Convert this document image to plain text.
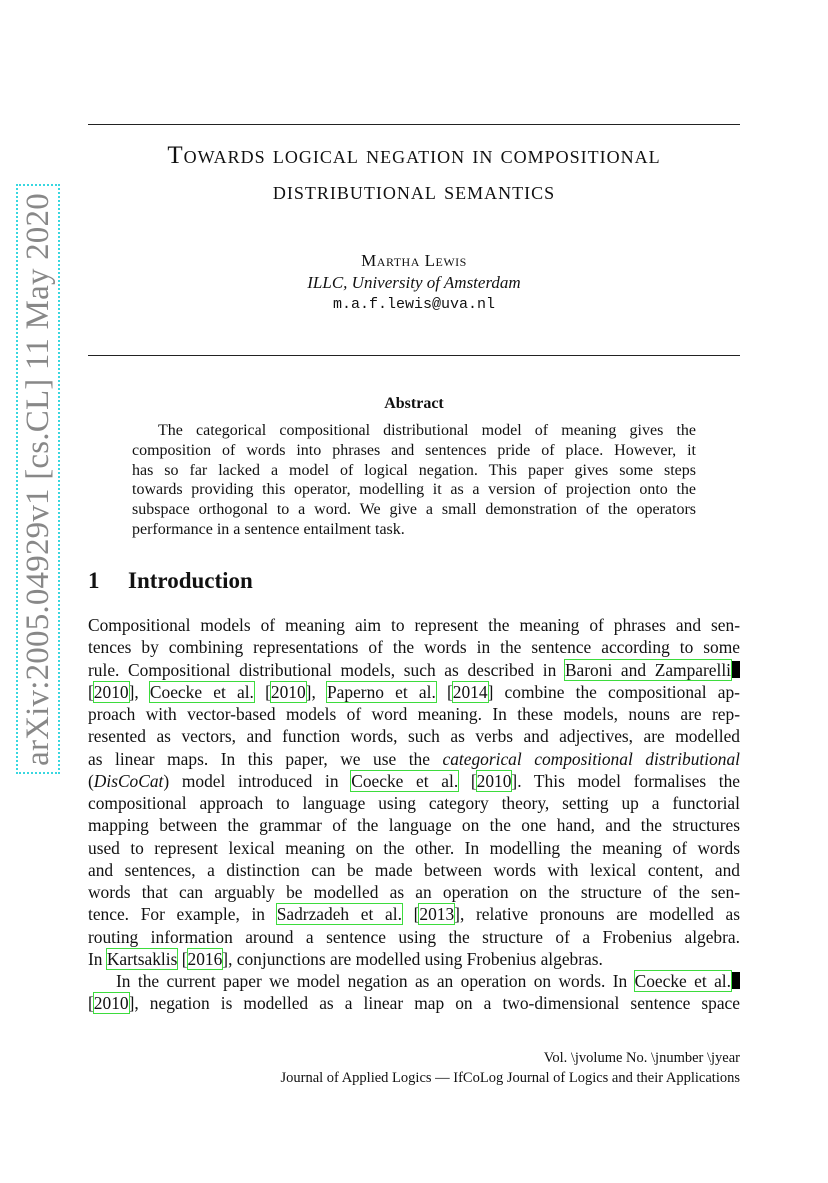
arXiv:2005.04929v1 [cs.CL] 11 May 2020
Towards logical negation in compositional
distributional semantics
Martha Lewis
ILLC, University of Amsterdam
m.a.f.lewis@uva.nl
Abstract
The categorical compositional distributional model of meaning gives the
composition of words into phrases and sentences pride of place. However, it
has so far lacked a model of logical negation. This paper gives some steps
towards providing this operator, modelling it as a version of projection onto the
subspace orthogonal to a word. We give a small demonstration of the operators
performance in a sentence entailment task.
1 Introduction
Compositional models of meaning aim to represent the meaning of phrases and sen-
tences by combining representations of the words in the sentence according to some
rule. Compositional distributional models, such as described in Baroni and Zamparelli
[2010], Coecke et al. [2010], Paperno et al. [2014] combine the compositional ap-
proach with vector-based models of word meaning. In these models, nouns are rep-
resented as vectors, and function words, such as verbs and adjectives, are modelled
as linear maps. In this paper, we use the categorical compositional distributional
(DisCoCat) model introduced in Coecke et al. [2010]. This model formalises the
compositional approach to language using category theory, setting up a functorial
mapping between the grammar of the language on the one hand, and the structures
used to represent lexical meaning on the other. In modelling the meaning of words
and sentences, a distinction can be made between words with lexical content, and
words that can arguably be modelled as an operation on the structure of the sen-
tence. For example, in Sadrzadeh et al. [2013], relative pronouns are modelled as
routing information around a sentence using the structure of a Frobenius algebra.
In Kartsaklis [2016], conjunctions are modelled using Frobenius algebras.
In the current paper we model negation as an operation on words. In Coecke et al.
[2010], negation is modelled as a linear map on a two-dimensional sentence space
Vol. \jvolume No. \jnumber \jyear
Journal of Applied Logics — IfCoLog Journal of Logics and their Applications
